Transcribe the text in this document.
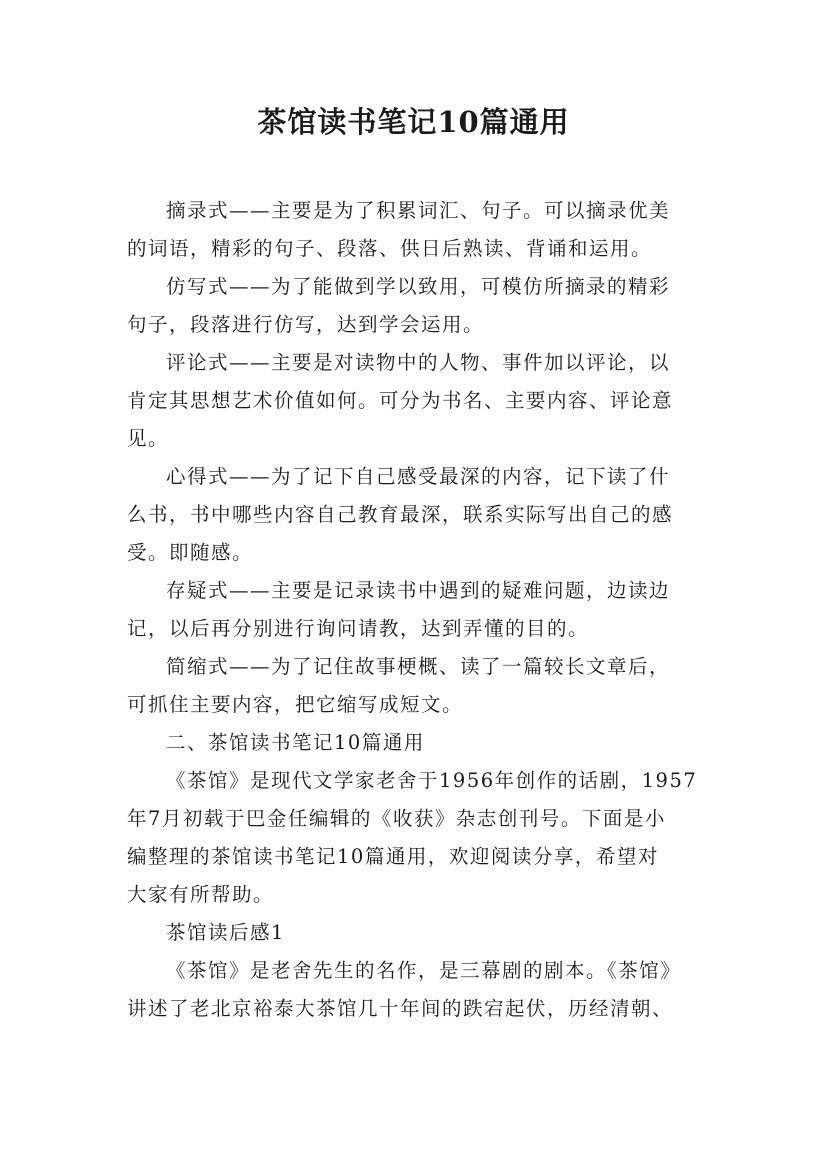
茶馆读书笔记10篇通用

摘录式——主要是为了积累词汇、句子。可以摘录优美
的词语，精彩的句子、段落、供日后熟读、背诵和运用。

仿写式——为了能做到学以致用，可模仿所摘录的精彩
句子，段落进行仿写，达到学会运用。

评论式——主要是对读物中的人物、事件加以评论，以
肯定其思想艺术价值如何。可分为书名、主要内容、评论意
见。

心得式——为了记下自己感受最深的内容，记下读了什
么书，书中哪些内容自己教育最深，联系实际写出自己的感
受。即随感。

存疑式——主要是记录读书中遇到的疑难问题，边读边
记，以后再分别进行询问请教，达到弄懂的目的。

简缩式——为了记住故事梗概、读了一篇较长文章后，
可抓住主要内容，把它缩写成短文。

二、茶馆读书笔记10篇通用

《茶馆》是现代文学家老舍于1956年创作的话剧，1957
年7月初载于巴金任编辑的《收获》杂志创刊号。下面是小
编整理的茶馆读书笔记10篇通用，欢迎阅读分享，希望对
大家有所帮助。

茶馆读后感1

《茶馆》是老舍先生的名作，是三幕剧的剧本。《茶馆》
讲述了老北京裕泰大茶馆几十年间的跌宕起伏，历经清朝、
